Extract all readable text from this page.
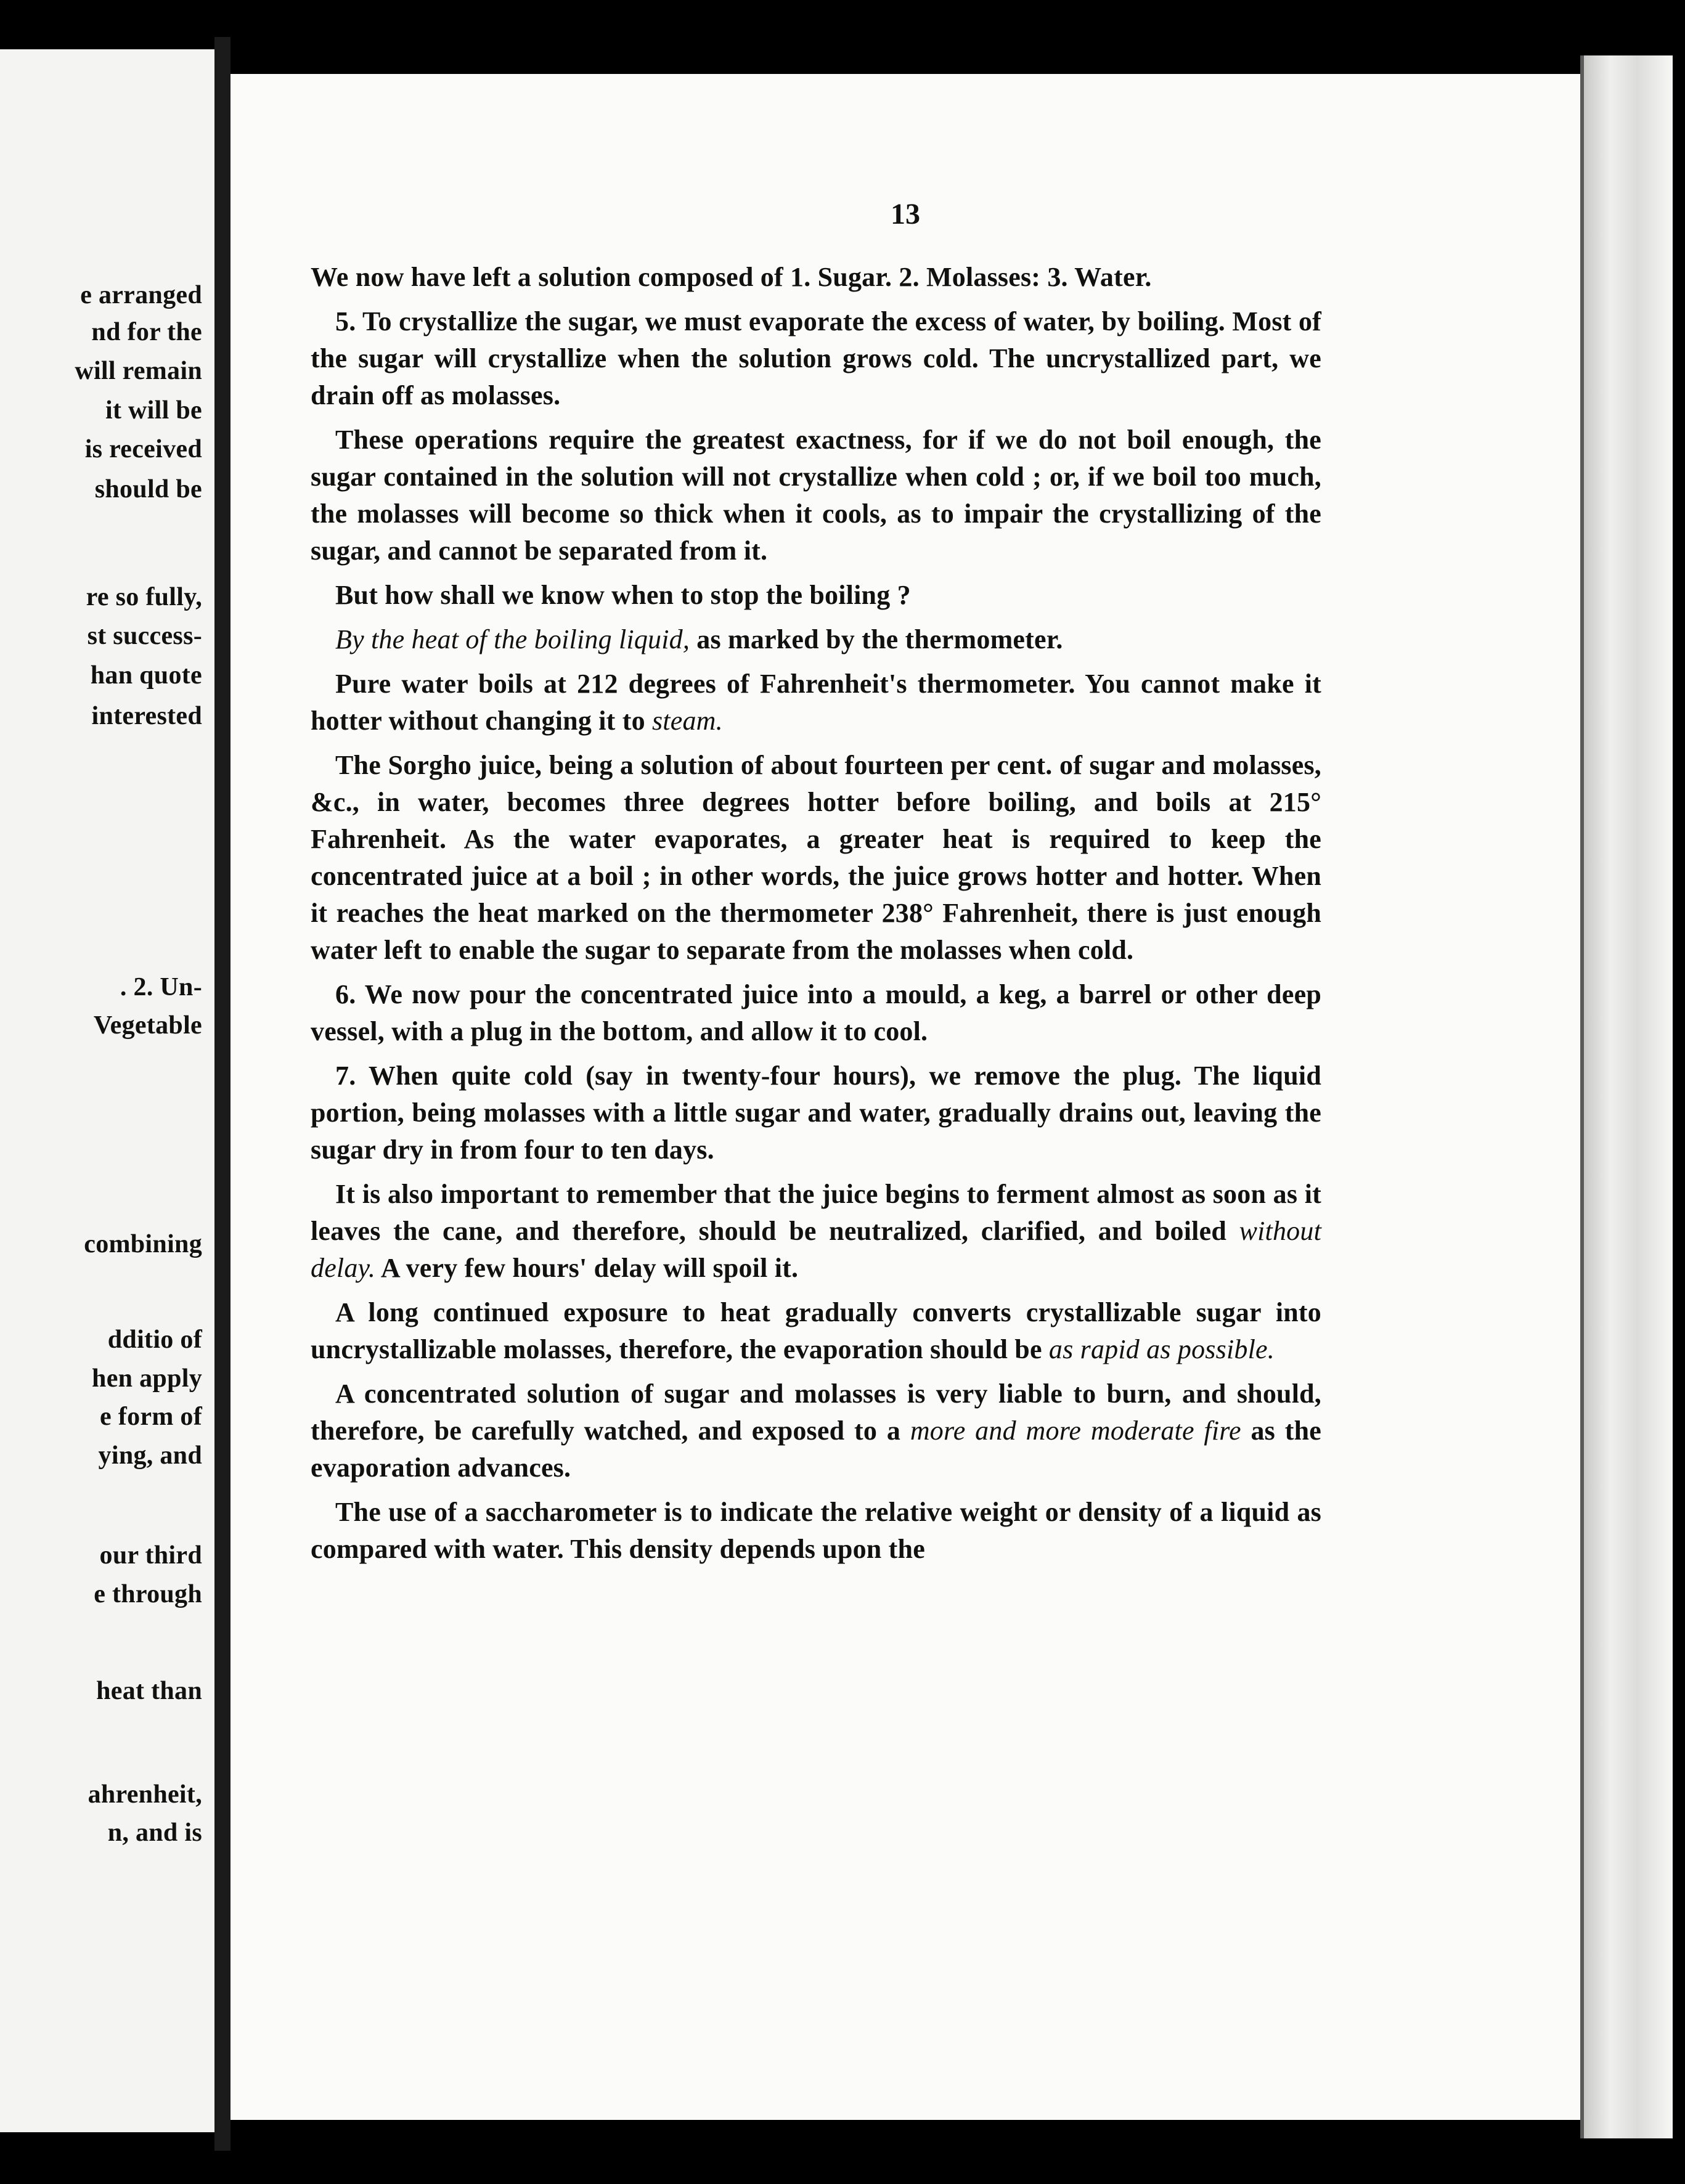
e arranged
nd for the
will remain
it will be
is received
should be
re so fully,
st success-
han quote
interested
. 2. Un-
Vegetable
combining
dditio of
hen apply
e form of
ying, and
our third
e through
heat than
ahrenheit,
n, and is
13

We now have left a solution composed of 1. Sugar. 2. Molasses: 3. Water.

5. To crystallize the sugar, we must evaporate the excess of water, by boiling. Most of the sugar will crystallize when the solution grows cold. The uncrystallized part, we drain off as molasses.

These operations require the greatest exactness, for if we do not boil enough, the sugar contained in the solution will not crystallize when cold ; or, if we boil too much, the molasses will become so thick when it cools, as to impair the crystallizing of the sugar, and cannot be separated from it.

But how shall we know when to stop the boiling ?

By the heat of the boiling liquid, as marked by the thermometer.

Pure water boils at 212 degrees of Fahrenheit's thermometer. You cannot make it hotter without changing it to steam.

The Sorgho juice, being a solution of about fourteen per cent. of sugar and molasses, &c., in water, becomes three degrees hotter before boiling, and boils at 215° Fahrenheit. As the water evaporates, a greater heat is required to keep the concentrated juice at a boil ; in other words, the juice grows hotter and hotter. When it reaches the heat marked on the thermometer 238° Fahrenheit, there is just enough water left to enable the sugar to separate from the molasses when cold.

6. We now pour the concentrated juice into a mould, a keg, a barrel or other deep vessel, with a plug in the bottom, and allow it to cool.

7. When quite cold (say in twenty-four hours), we remove the plug. The liquid portion, being molasses with a little sugar and water, gradually drains out, leaving the sugar dry in from four to ten days.

It is also important to remember that the juice begins to ferment almost as soon as it leaves the cane, and therefore, should be neutralized, clarified, and boiled without delay. A very few hours' delay will spoil it.

A long continued exposure to heat gradually converts crystallizable sugar into uncrystallizable molasses, therefore, the evaporation should be as rapid as possible.

A concentrated solution of sugar and molasses is very liable to burn, and should, therefore, be carefully watched, and exposed to a more and more moderate fire as the evaporation advances.

The use of a saccharometer is to indicate the relative weight or density of a liquid as compared with water. This density depends upon the
